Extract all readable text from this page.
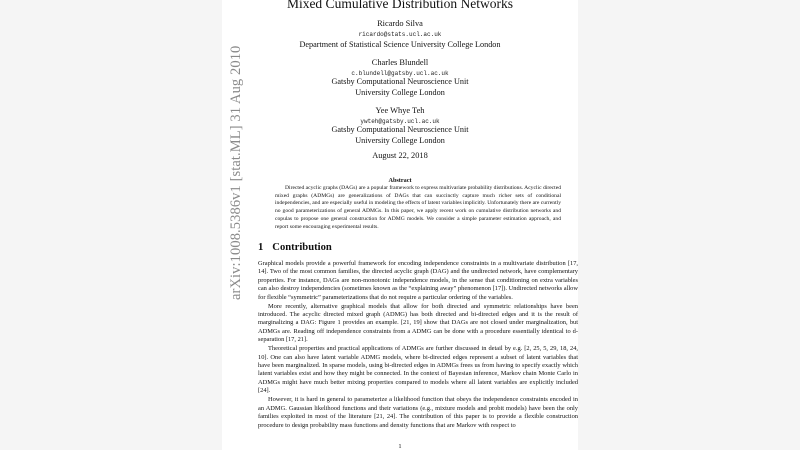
arXiv:1008.5386v1 [stat.ML] 31 Aug 2010
Mixed Cumulative Distribution Networks
Ricardo Silva
ricardo@stats.ucl.ac.uk
Department of Statistical Science University College London
Charles Blundell
c.blundell@gatsby.ucl.ac.uk
Gatsby Computational Neuroscience Unit
University College London
Yee Whye Teh
ywteh@gatsby.ucl.ac.uk
Gatsby Computational Neuroscience Unit
University College London
August 22, 2018
Abstract
Directed acyclic graphs (DAGs) are a popular framework to express multivariate probability distributions. Acyclic directed mixed graphs (ADMGs) are generalizations of DAGs that can succinctly capture much richer sets of conditional independencies, and are especially useful in modeling the effects of latent variables implicitly. Unfortunately there are currently no good parameterizations of general ADMGs. In this paper, we apply recent work on cumulative distribution networks and copulas to propose one general construction for ADMG models. We consider a simple parameter estimation approach, and report some encouraging experimental results.
1 Contribution

Graphical models provide a powerful framework for encoding independence constraints in a multivariate distribution [17, 14]. Two of the most common families, the directed acyclic graph (DAG) and the undirected network, have complementary properties. For instance, DAGs are non-monotonic independence models, in the sense that conditioning on extra variables can also destroy independencies (sometimes known as the “explaining away” phenomenon [17]). Undirected networks allow for flexible “symmetric” parameterizations that do not require a particular ordering of the variables.

More recently, alternative graphical models that allow for both directed and symmetric relationships have been introduced. The acyclic directed mixed graph (ADMG) has both directed and bi-directed edges and it is the result of marginalizing a DAG: Figure 1 provides an example. [21, 19] show that DAGs are not closed under marginalization, but ADMGs are. Reading off independence constraints from a ADMG can be done with a procedure essentially identical to d-separation [17, 21].

Theoretical properties and practical applications of ADMGs are further discussed in detail by e.g. [2, 25, 5, 29, 18, 24, 10]. One can also have latent variable ADMG models, where bi-directed edges represent a subset of latent variables that have been marginalized. In sparse models, using bi-directed edges in ADMGs frees us from having to specify exactly which latent variables exist and how they might be connected. In the context of Bayesian inference, Markov chain Monte Carlo in ADMGs might have much better mixing properties compared to models where all latent variables are explicitly included [24].

However, it is hard in general to parameterize a likelihood function that obeys the independence constraints encoded in an ADMG. Gaussian likelihood functions and their variations (e.g., mixture models and probit models) have been the only families exploited in most of the literature [21, 24]. The contribution of this paper is to provide a flexible construction procedure to design probability mass functions and density functions that are Markov with respect to

1
